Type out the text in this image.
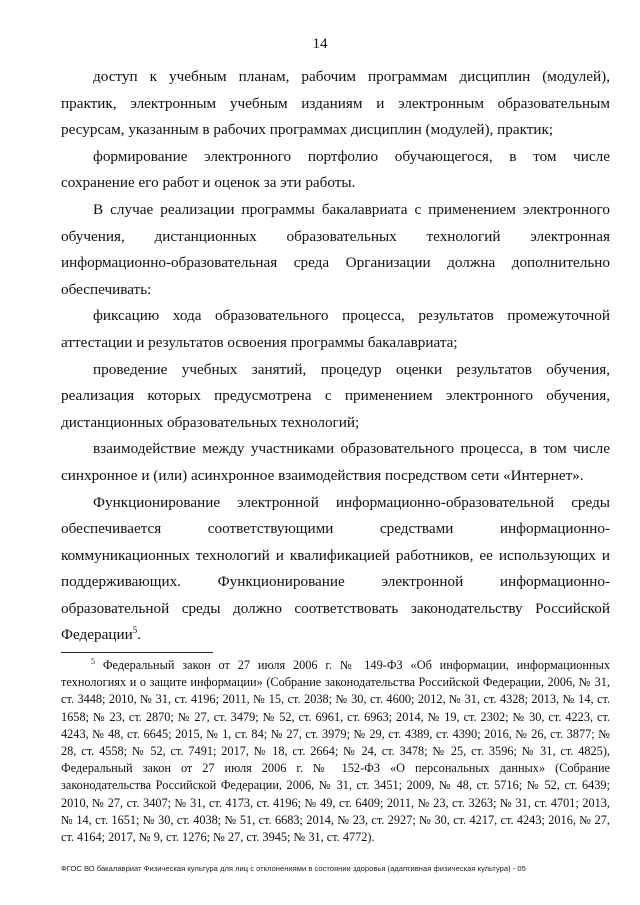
14

доступ к учебным планам, рабочим программам дисциплин (модулей), практик, электронным учебным изданиям и электронным образовательным ресурсам, указанным в рабочих программах дисциплин (модулей), практик;

формирование электронного портфолио обучающегося, в том числе сохранение его работ и оценок за эти работы.

В случае реализации программы бакалавриата с применением электронного обучения, дистанционных образовательных технологий электронная информационно-образовательная среда Организации должна дополнительно обеспечивать:

фиксацию хода образовательного процесса, результатов промежуточной аттестации и результатов освоения программы бакалавриата;

проведение учебных занятий, процедур оценки результатов обучения, реализация которых предусмотрена с применением электронного обучения, дистанционных образовательных технологий;

взаимодействие между участниками образовательного процесса, в том числе синхронное и (или) асинхронное взаимодействия посредством сети «Интернет».

Функционирование электронной информационно-образовательной среды обеспечивается соответствующими средствами информационно-коммуникационных технологий и квалификацией работников, ее использующих и поддерживающих. Функционирование электронной информационно-образовательной среды должно соответствовать законодательству Российской Федерации$^5$.

$^5$ Федеральный закон от 27 июля 2006 г. № 149-ФЗ «Об информации, информационных технологиях и о защите информации» (Собрание законодательства Российской Федерации, 2006, № 31, ст. 3448; 2010, № 31, ст. 4196; 2011, № 15, ст. 2038; № 30, ст. 4600; 2012, № 31, ст. 4328; 2013, № 14, ст. 1658; № 23, ст. 2870; № 27, ст. 3479; № 52, ст. 6961, ст. 6963; 2014, № 19, ст. 2302; № 30, ст. 4223, ст. 4243, № 48, ст. 6645; 2015, № 1, ст. 84; № 27, ст. 3979; № 29, ст. 4389, ст. 4390; 2016, № 26, ст. 3877; № 28, ст. 4558; № 52, ст. 7491; 2017, № 18, ст. 2664; № 24, ст. 3478; № 25, ст. 3596; № 31, ст. 4825), Федеральный закон от 27 июля 2006 г. № 152-ФЗ «О персональных данных» (Собрание законодательства Российской Федерации, 2006, № 31, ст. 3451; 2009, № 48, ст. 5716; № 52, ст. 6439; 2010, № 27, ст. 3407; № 31, ст. 4173, ст. 4196; № 49, ст. 6409; 2011, № 23, ст. 3263; № 31, ст. 4701; 2013, № 14, ст. 1651; № 30, ст. 4038; № 51, ст. 6683; 2014, № 23, ст. 2927; № 30, ст. 4217, ст. 4243; 2016, № 27, ст. 4164; 2017, № 9, ст. 1276; № 27, ст. 3945; № 31, ст. 4772).
ФГОС ВО бакалавриат Физическая культура для лиц с отклонениями в состоянии здоровья (адаптивная физическая культура) - 05
